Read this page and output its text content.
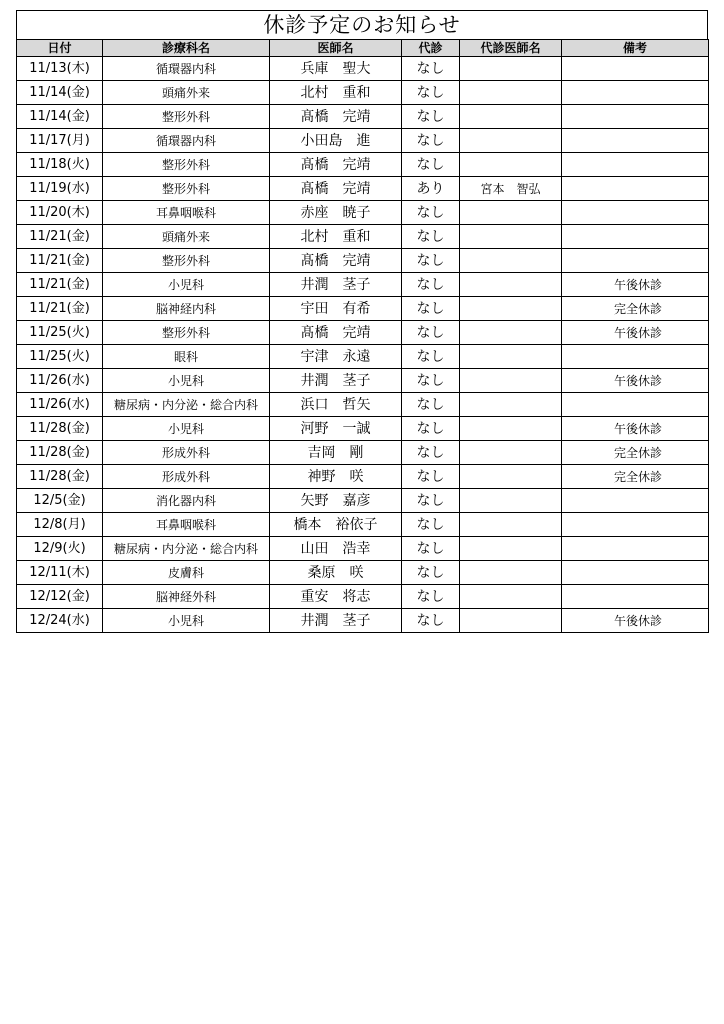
休診予定のお知らせ
日付	診療科名	医師名	代診	代診医師名	備考
11/13(木)	循環器内科	兵庫　聖大	なし		
11/14(金)	頭痛外来	北村　重和	なし		
11/14(金)	整形外科	髙橋　完靖	なし		
11/17(月)	循環器内科	小田島　進	なし		
11/18(火)	整形外科	髙橋　完靖	なし		
11/19(水)	整形外科	髙橋　完靖	あり	宮本　智弘	
11/20(木)	耳鼻咽喉科	赤座　暁子	なし		
11/21(金)	頭痛外来	北村　重和	なし		
11/21(金)	整形外科	髙橋　完靖	なし		
11/21(金)	小児科	井潤　茎子	なし		午後休診
11/21(金)	脳神経内科	宇田　有希	なし		完全休診
11/25(火)	整形外科	髙橋　完靖	なし		午後休診
11/25(火)	眼科	宇津　永遠	なし		
11/26(水)	小児科	井潤　茎子	なし		午後休診
11/26(水)	糖尿病・内分泌・総合内科	浜口　哲矢	なし		
11/28(金)	小児科	河野　一誠	なし		午後休診
11/28(金)	形成外科	吉岡　剛	なし		完全休診
11/28(金)	形成外科	神野　咲	なし		完全休診
12/5(金)	消化器内科	矢野　嘉彦	なし		
12/8(月)	耳鼻咽喉科	橋本　裕依子	なし		
12/9(火)	糖尿病・内分泌・総合内科	山田　浩幸	なし		
12/11(木)	皮膚科	桑原　咲	なし		
12/12(金)	脳神経外科	重安　将志	なし		
12/24(水)	小児科	井潤　茎子	なし		午後休診
